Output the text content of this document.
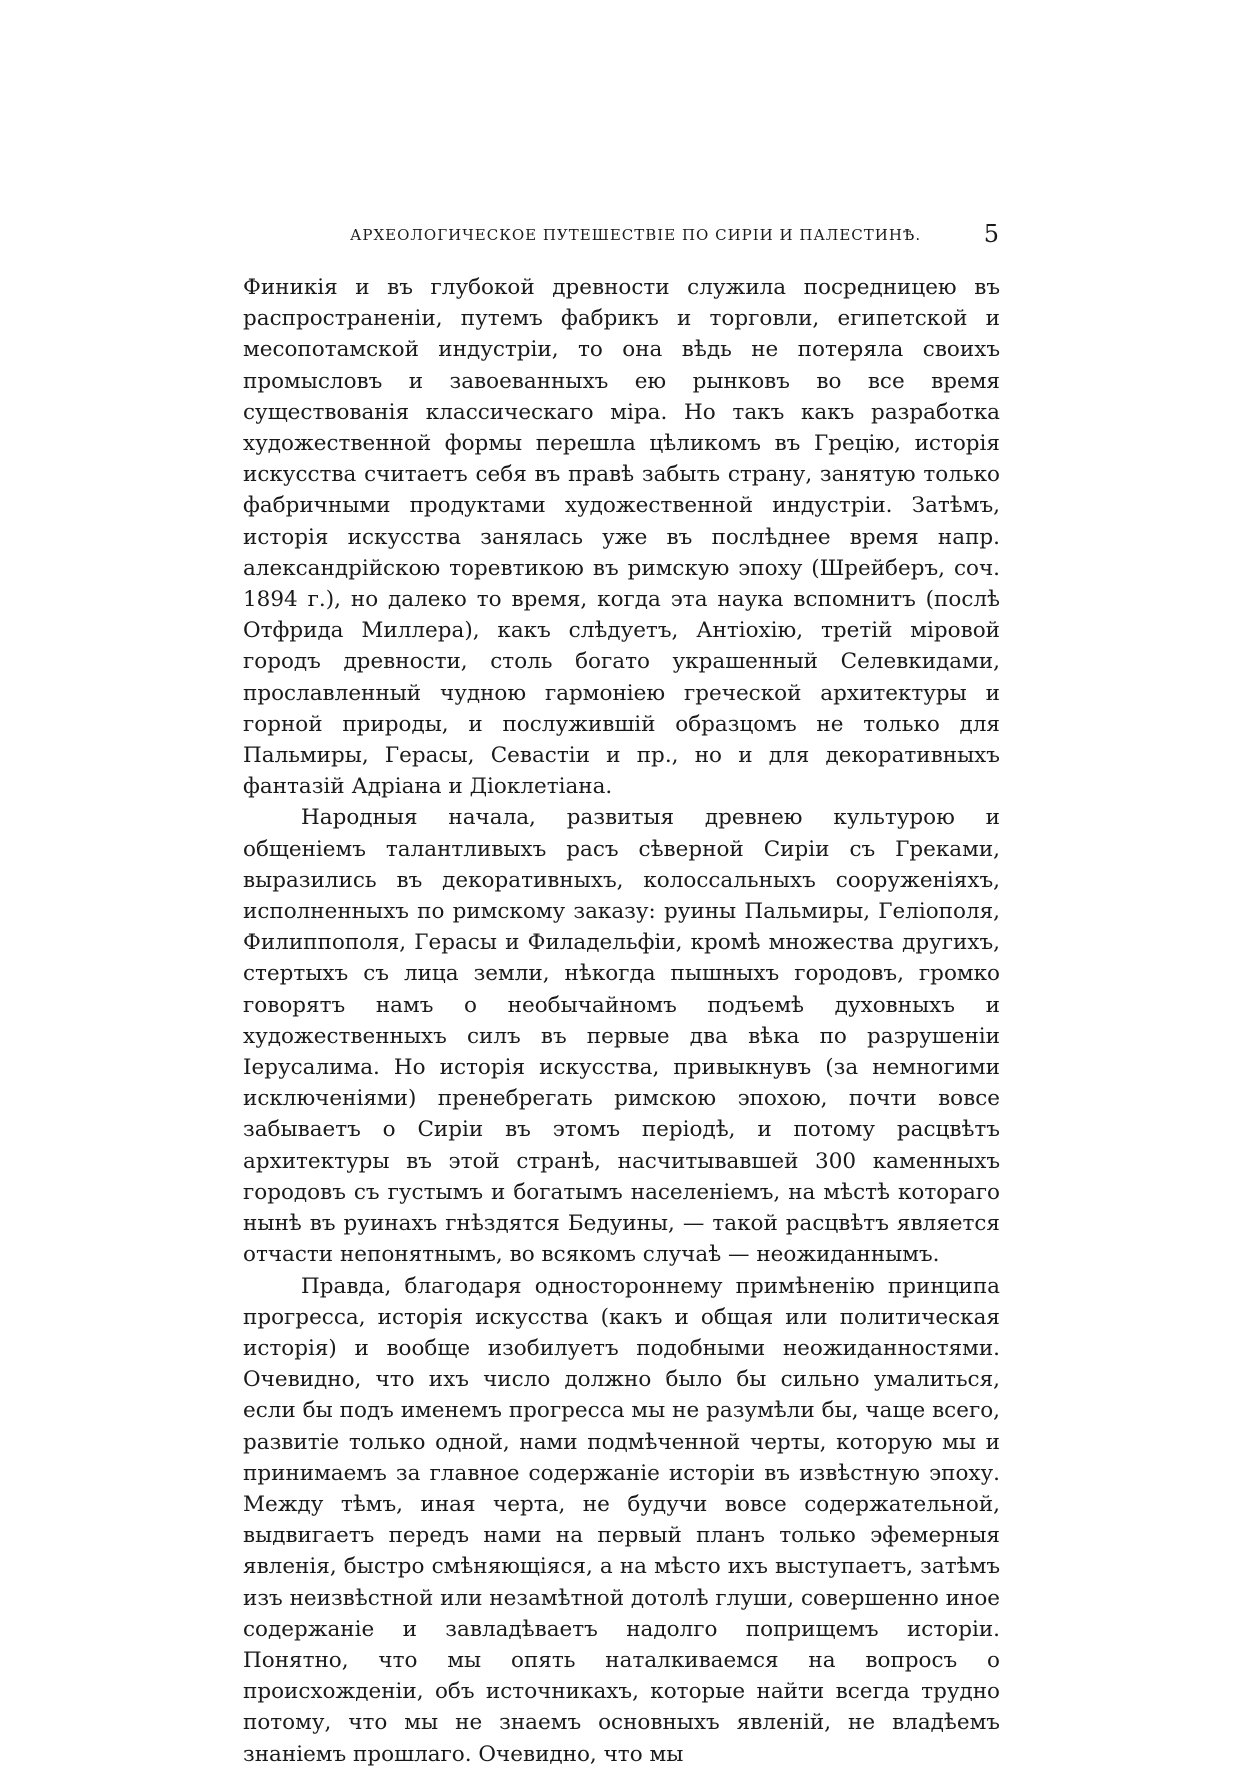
АРХЕОЛОГИЧЕСКОЕ ПУТЕШЕСТВІЕ ПО СИРІИ И ПАЛЕСТИНѢ.	5

Финикія и въ глубокой древности служила посредницею въ распространеніи, путемъ фабрикъ и торговли, египетской и месопотамской индустріи, то она вѣдь не потеряла своихъ промысловъ и завоеванныхъ ею рынковъ во все время существованія классическаго міра. Но такъ какъ разработка художественной формы перешла цѣликомъ въ Грецію, исторія искусства считаетъ себя въ правѣ забыть страну, занятую только фабричными продуктами художественной индустріи. Затѣмъ, исторія искусства занялась уже въ послѣднее время напр. александрійскою торевтикою въ римскую эпоху (Шрейберъ, соч. 1894 г.), но далеко то время, когда эта наука вспомнитъ (послѣ Отфрида Миллера), какъ слѣдуетъ, Антіохію, третій міровой городъ древности, столь богато украшенный Селевкидами, прославленный чудною гармоніею греческой архитектуры и горной природы, и послужившій образцомъ не только для Пальмиры, Герасы, Севастіи и пр., но и для декоративныхъ фантазій Адріана и Діоклетіана.

Народныя начала, развитыя древнею культурою и общеніемъ талантливыхъ расъ сѣверной Сиріи съ Греками, выразились въ декоративныхъ, колоссальныхъ сооруженіяхъ, исполненныхъ по римскому заказу: руины Пальмиры, Геліополя, Филиппополя, Герасы и Филадельфіи, кромѣ множества другихъ, стертыхъ съ лица земли, нѣкогда пышныхъ городовъ, громко говорятъ намъ о необычайномъ подъемѣ духовныхъ и художественныхъ силъ въ первые два вѣка по разрушеніи Іерусалима. Но исторія искусства, привыкнувъ (за немногими исключеніями) пренебрегать римскою эпохою, почти вовсе забываетъ о Сиріи въ этомъ періодѣ, и потому расцвѣтъ архитектуры въ этой странѣ, насчитывавшей 300 каменныхъ городовъ съ густымъ и богатымъ населеніемъ, на мѣстѣ котораго нынѣ въ руинахъ гнѣздятся Бедуины, — такой расцвѣтъ является отчасти непонятнымъ, во всякомъ случаѣ — неожиданнымъ.

Правда, благодаря одностороннему примѣненію принципа прогресса, исторія искусства (какъ и общая или политическая исторія) и вообще изобилуетъ подобными неожиданностями. Очевидно, что ихъ число должно было бы сильно умалиться, если бы подъ именемъ прогресса мы не разумѣли бы, чаще всего, развитіе только одной, нами подмѣченной черты, которую мы и принимаемъ за главное содержаніе исторіи въ извѣстную эпоху. Между тѣмъ, иная черта, не будучи вовсе содержательной, выдвигаетъ передъ нами на первый планъ только эфемерныя явленія, быстро смѣняющіяся, а на мѣсто ихъ выступаетъ, затѣмъ изъ неизвѣстной или незамѣтной дотолѣ глуши, совершенно иное содержаніе и завладѣваетъ надолго поприщемъ исторіи. Понятно, что мы опять наталкиваемся на вопросъ о происхожденіи, объ источникахъ, которые найти всегда трудно потому, что мы не знаемъ основныхъ явленій, не владѣемъ знаніемъ прошлаго. Очевидно, что мы
